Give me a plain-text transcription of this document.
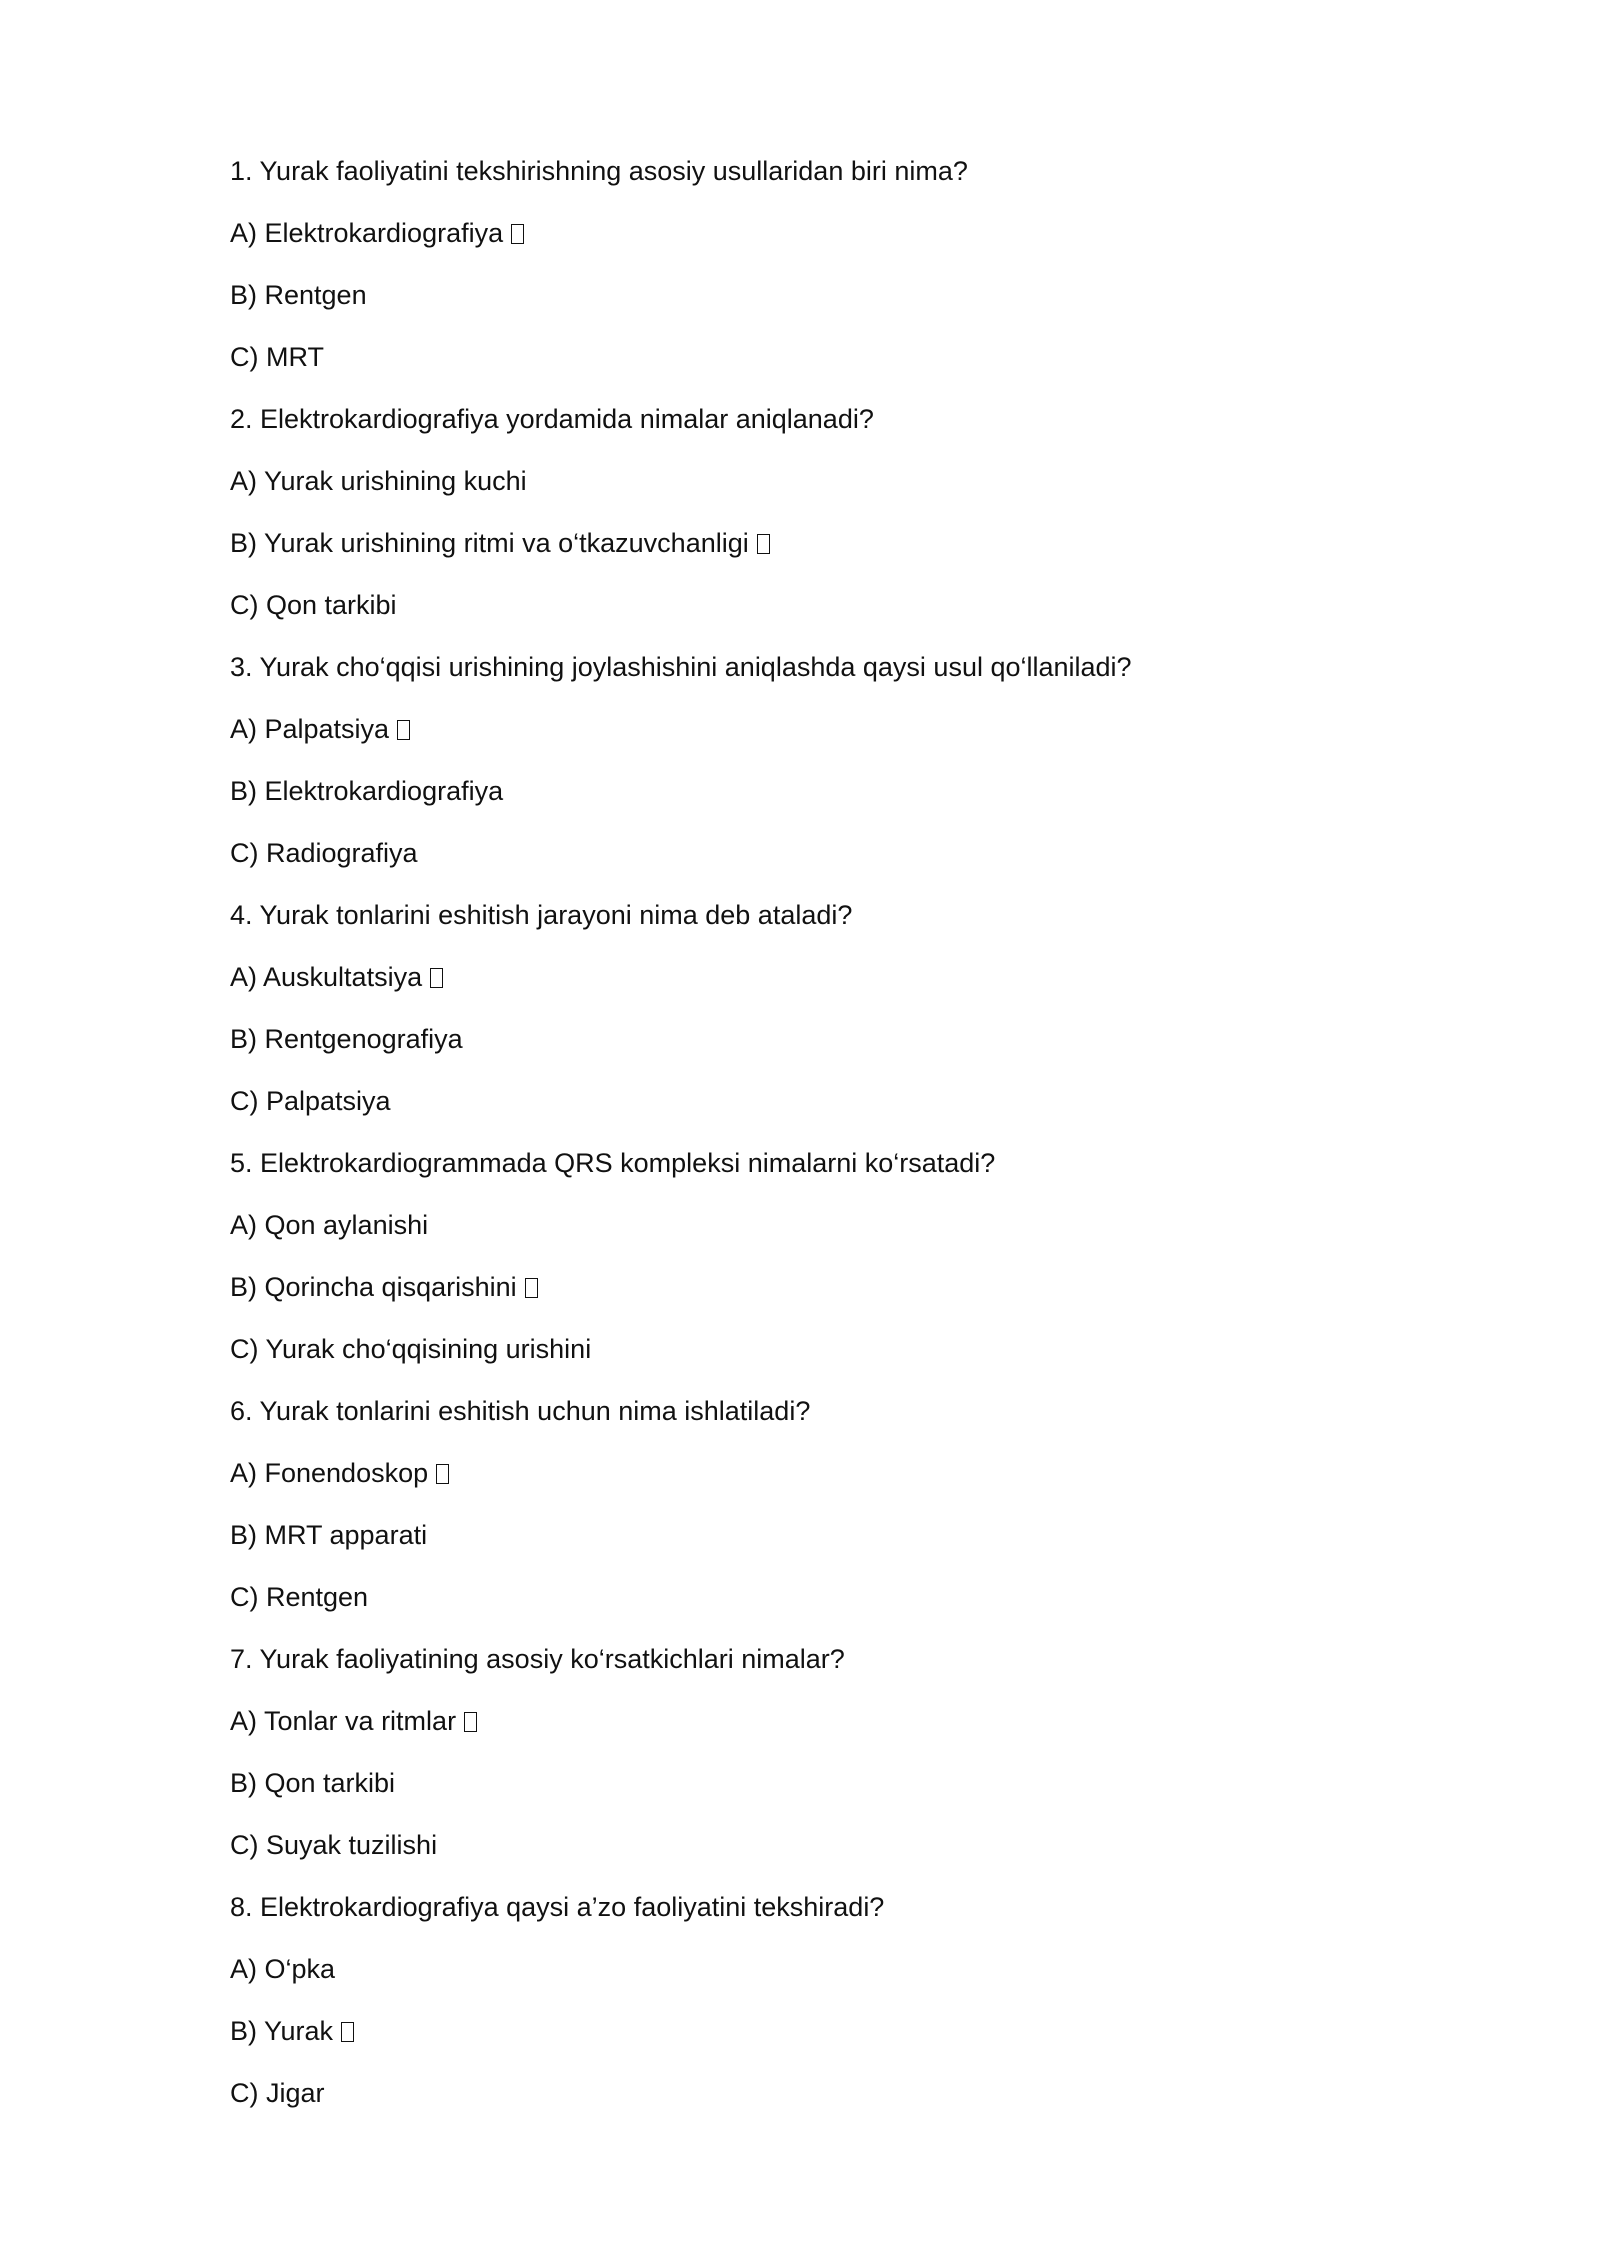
1. Yurak faoliyatini tekshirishning asosiy usullaridan biri nima?
A) Elektrokardiografiya
B) Rentgen
C) MRT
2. Elektrokardiografiya yordamida nimalar aniqlanadi?
A) Yurak urishining kuchi
B) Yurak urishining ritmi va o‘tkazuvchanligi
C) Qon tarkibi
3. Yurak cho‘qqisi urishining joylashishini aniqlashda qaysi usul qo‘llaniladi?
A) Palpatsiya
B) Elektrokardiografiya
C) Radiografiya
4. Yurak tonlarini eshitish jarayoni nima deb ataladi?
A) Auskultatsiya
B) Rentgenografiya
C) Palpatsiya
5. Elektrokardiogrammada QRS kompleksi nimalarni ko‘rsatadi?
A) Qon aylanishi
B) Qorincha qisqarishini
C) Yurak cho‘qqisining urishini
6. Yurak tonlarini eshitish uchun nima ishlatiladi?
A) Fonendoskop
B) MRT apparati
C) Rentgen
7. Yurak faoliyatining asosiy ko‘rsatkichlari nimalar?
A) Tonlar va ritmlar
B) Qon tarkibi
C) Suyak tuzilishi
8. Elektrokardiografiya qaysi a’zo faoliyatini tekshiradi?
A) O‘pka
B) Yurak
C) Jigar
